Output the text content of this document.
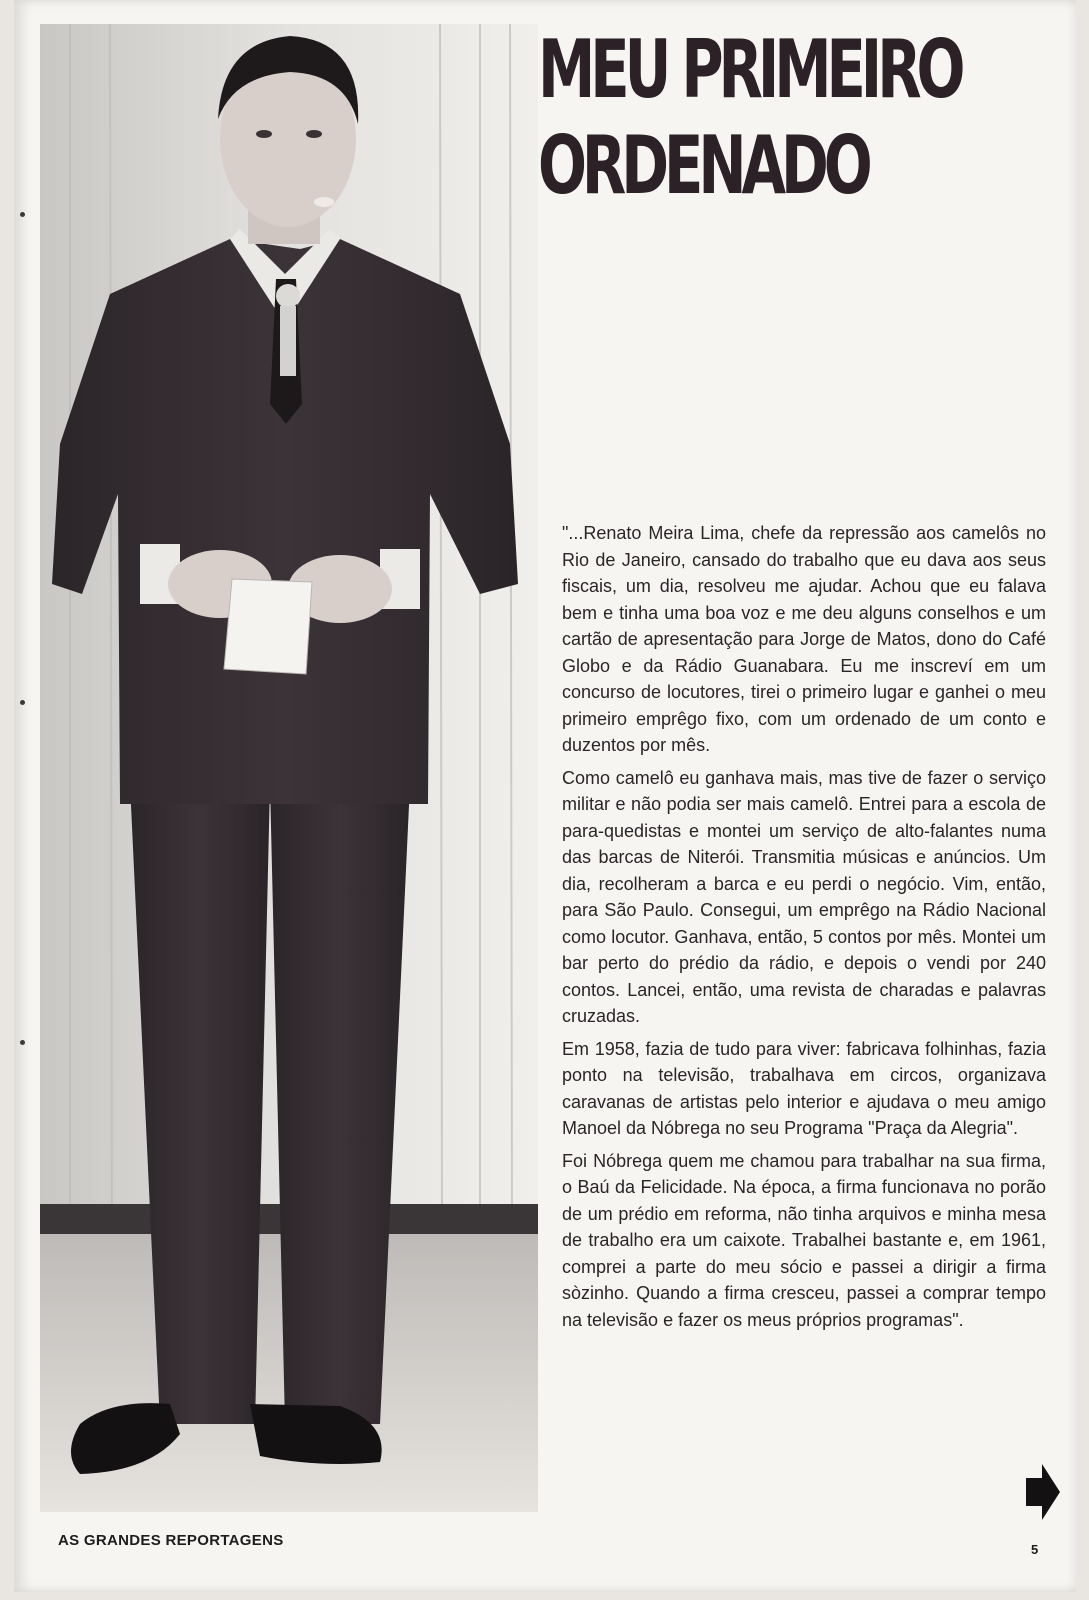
MEU PRIMEIRO
ORDENADO

"...Renato Meira Lima, chefe da repressão aos camelôs no Rio de Janeiro, cansado do trabalho que eu dava aos seus fiscais, um dia, resolveu me ajudar. Achou que eu falava bem e tinha uma boa voz e me deu alguns conselhos e um cartão de apresentação para Jorge de Matos, dono do Café Globo e da Rádio Guanabara. Eu me inscreví em um concurso de locutores, tirei o primeiro lugar e ganhei o meu primeiro emprêgo fixo, com um ordenado de um conto e duzentos por mês.

Como camelô eu ganhava mais, mas tive de fazer o serviço militar e não podia ser mais camelô. Entrei para a escola de para-quedistas e montei um serviço de alto-falantes numa das barcas de Niterói. Transmitia músicas e anúncios. Um dia, recolheram a barca e eu perdi o negócio. Vim, então, para São Paulo. Consegui, um emprêgo na Rádio Nacional como locutor. Ganhava, então, 5 contos por mês. Montei um bar perto do prédio da rádio, e depois o vendi por 240 contos. Lancei, então, uma revista de charadas e palavras cruzadas.

Em 1958, fazia de tudo para viver: fabricava folhinhas, fazia ponto na televisão, trabalhava em circos, organizava caravanas de artistas pelo interior e ajudava o meu amigo Manoel da Nóbrega no seu Programa "Praça da Alegria".

Foi Nóbrega quem me chamou para trabalhar na sua firma, o Baú da Felicidade. Na época, a firma funcionava no porão de um prédio em reforma, não tinha arquivos e minha mesa de trabalho era um caixote. Trabalhei bastante e, em 1961, comprei a parte do meu sócio e passei a dirigir a firma sòzinho. Quando a firma cresceu, passei a comprar tempo na televisão e fazer os meus próprios programas".

AS GRANDES REPORTAGENS
5
